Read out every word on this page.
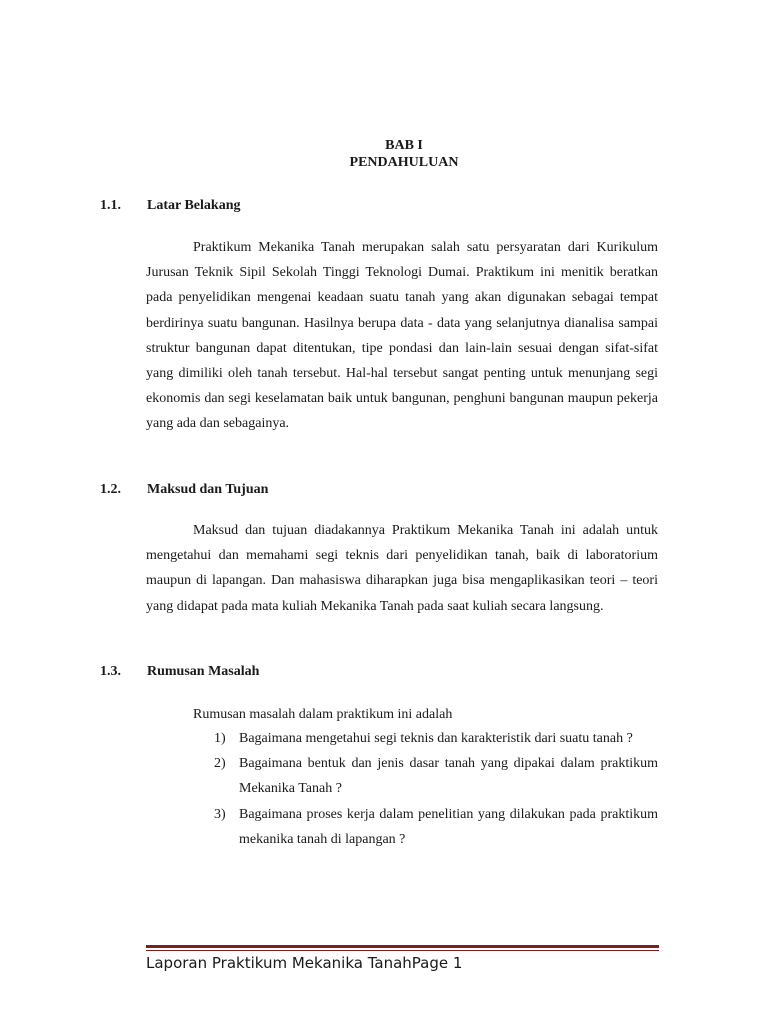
BAB I
PENDAHULUAN
1.1. Latar Belakang

Praktikum Mekanika Tanah merupakan salah satu persyaratan dari Kurikulum Jurusan Teknik Sipil Sekolah Tinggi Teknologi Dumai. Praktikum ini menitik beratkan pada penyelidikan mengenai keadaan suatu tanah yang akan digunakan sebagai tempat berdirinya suatu bangunan. Hasilnya berupa data - data yang selanjutnya dianalisa sampai struktur bangunan dapat ditentukan, tipe pondasi dan lain-lain sesuai dengan sifat-sifat yang dimiliki oleh tanah tersebut. Hal-hal tersebut sangat penting untuk menunjang segi ekonomis dan segi keselamatan baik untuk bangunan, penghuni bangunan maupun pekerja yang ada dan sebagainya.

1.2. Maksud dan Tujuan

Maksud dan tujuan diadakannya Praktikum Mekanika Tanah ini adalah untuk mengetahui dan memahami segi teknis dari penyelidikan tanah, baik di laboratorium maupun di lapangan. Dan mahasiswa diharapkan juga bisa mengaplikasikan teori – teori yang didapat pada mata kuliah Mekanika Tanah pada saat kuliah secara langsung.

1.3. Rumusan Masalah
Rumusan masalah dalam praktikum ini adalah
1) Bagaimana mengetahui segi teknis dan karakteristik dari suatu tanah ?
2) Bagaimana bentuk dan jenis dasar tanah yang dipakai dalam praktikum Mekanika Tanah ?
3) Bagaimana proses kerja dalam penelitian yang dilakukan pada praktikum mekanika tanah di lapangan ?
Laporan Praktikum Mekanika TanahPage 1
